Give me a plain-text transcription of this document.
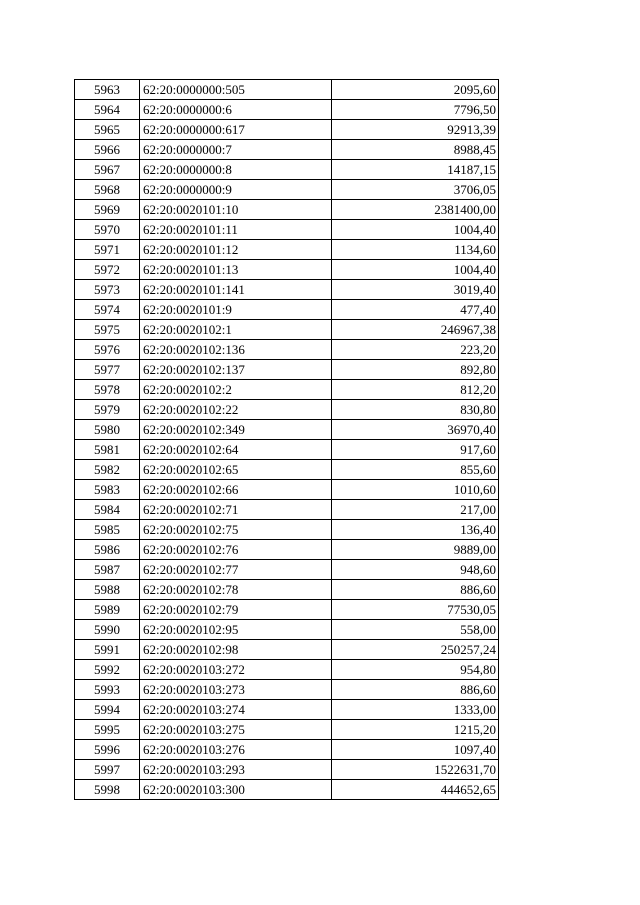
5963	62:20:0000000:505	2095,60
5964	62:20:0000000:6	7796,50
5965	62:20:0000000:617	92913,39
5966	62:20:0000000:7	8988,45
5967	62:20:0000000:8	14187,15
5968	62:20:0000000:9	3706,05
5969	62:20:0020101:10	2381400,00
5970	62:20:0020101:11	1004,40
5971	62:20:0020101:12	1134,60
5972	62:20:0020101:13	1004,40
5973	62:20:0020101:141	3019,40
5974	62:20:0020101:9	477,40
5975	62:20:0020102:1	246967,38
5976	62:20:0020102:136	223,20
5977	62:20:0020102:137	892,80
5978	62:20:0020102:2	812,20
5979	62:20:0020102:22	830,80
5980	62:20:0020102:349	36970,40
5981	62:20:0020102:64	917,60
5982	62:20:0020102:65	855,60
5983	62:20:0020102:66	1010,60
5984	62:20:0020102:71	217,00
5985	62:20:0020102:75	136,40
5986	62:20:0020102:76	9889,00
5987	62:20:0020102:77	948,60
5988	62:20:0020102:78	886,60
5989	62:20:0020102:79	77530,05
5990	62:20:0020102:95	558,00
5991	62:20:0020102:98	250257,24
5992	62:20:0020103:272	954,80
5993	62:20:0020103:273	886,60
5994	62:20:0020103:274	1333,00
5995	62:20:0020103:275	1215,20
5996	62:20:0020103:276	1097,40
5997	62:20:0020103:293	1522631,70
5998	62:20:0020103:300	444652,65
